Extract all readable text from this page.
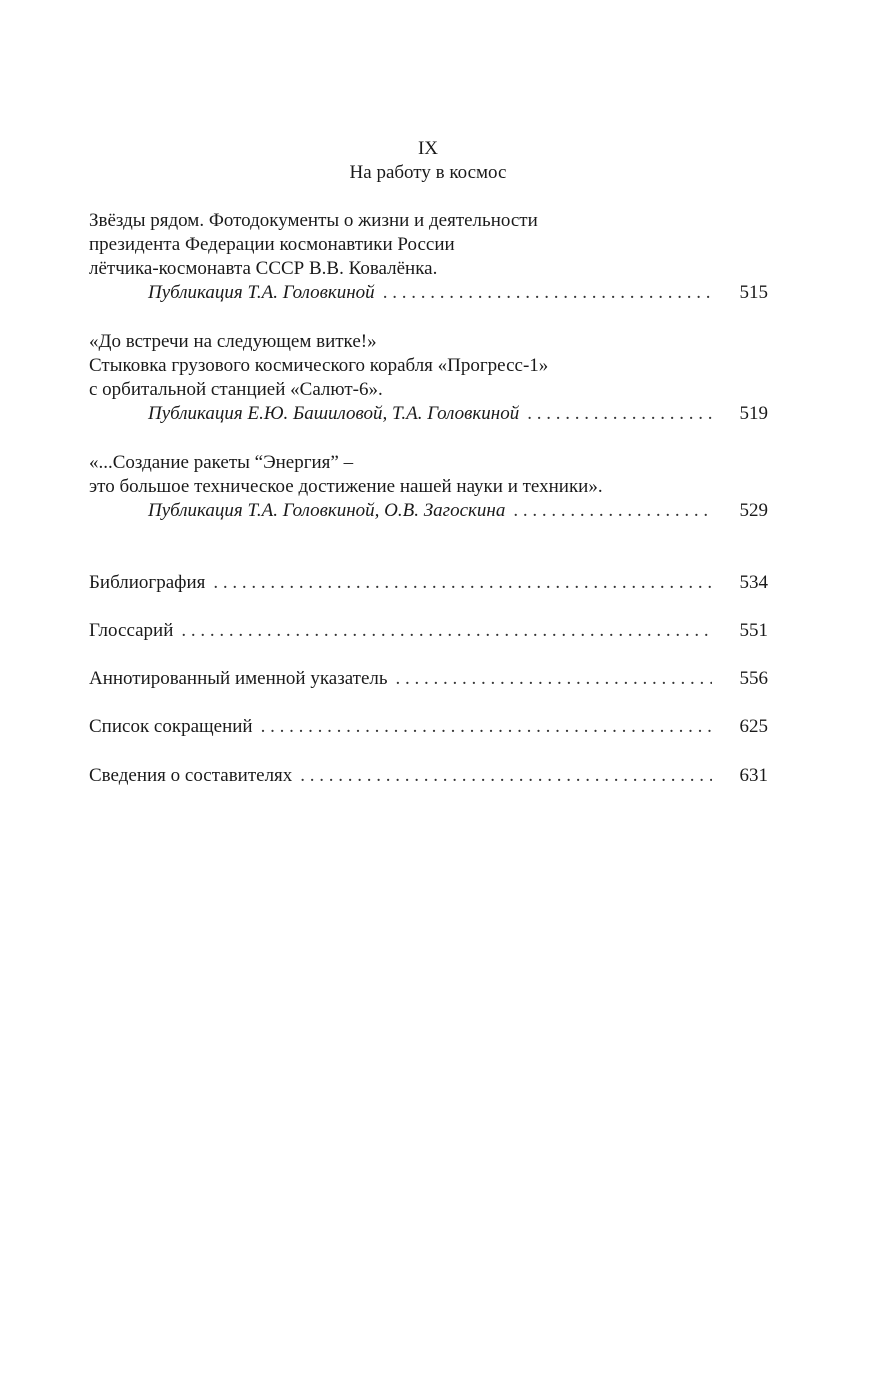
IX
На работу в космос
Звёзды рядом. Фотодокументы о жизни и деятельности
президента Федерации космонавтики России
лётчика-космонавта СССР В.В. Ковалёнка.
Публикация Т.А. Головкиной . . .	515
«До встречи на следующем витке!»
Стыковка грузового космического корабля «Прогресс-1»
с орбитальной станцией «Салют-6».
Публикация Е.Ю. Башиловой, Т.А. Головкиной . . .	519
«...Создание ракеты “Энергия” –
это большое техническое достижение нашей науки и техники».
Публикация Т.А. Головкиной, О.В. Загоскина . . .	529
Библиография . . .	534
Глоссарий . . .	551
Аннотированный именной указатель . . .	556
Список сокращений . . .	625
Сведения о составителях . . .	631
